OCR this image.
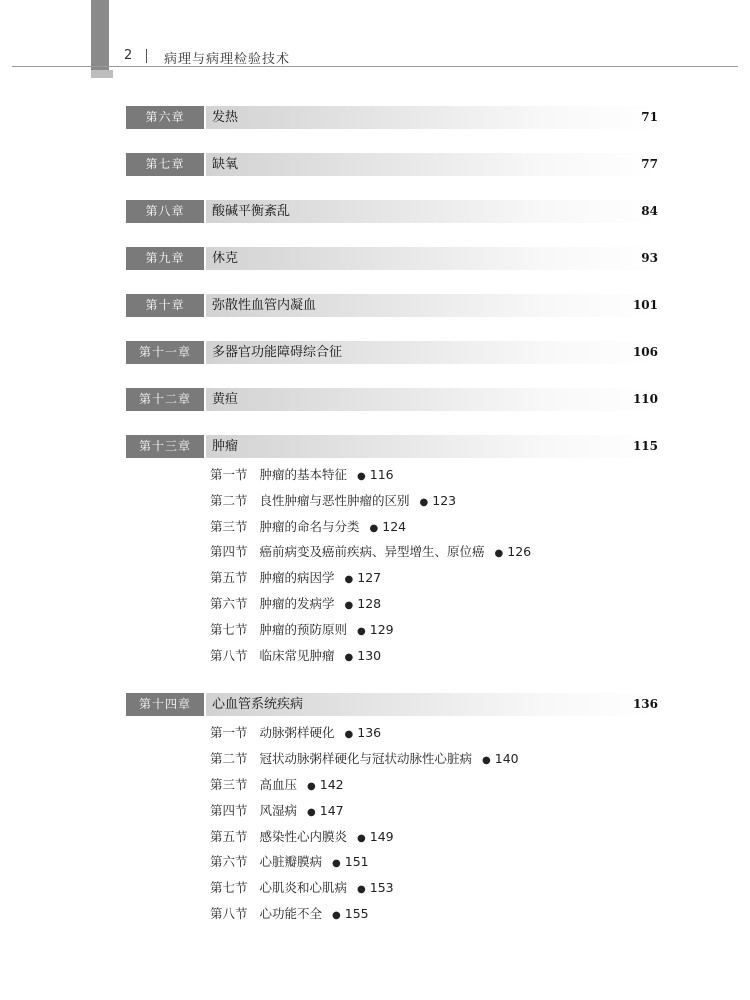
2 病理与病理检验技术
第六章	发热	71
第七章	缺氧	77
第八章	酸碱平衡紊乱	84
第九章	休克	93
第十章	弥散性血管内凝血	101
第十一章	多器官功能障碍综合征	106
第十二章	黄疸	110
第十三章	肿瘤	115
第一节 肿瘤的基本特征 ● 116
第二节 良性肿瘤与恶性肿瘤的区别 ● 123
第三节 肿瘤的命名与分类 ● 124
第四节 癌前病变及癌前疾病、异型增生、原位癌 ● 126
第五节 肿瘤的病因学 ● 127
第六节 肿瘤的发病学 ● 128
第七节 肿瘤的预防原则 ● 129
第八节 临床常见肿瘤 ● 130
第十四章	心血管系统疾病	136
第一节 动脉粥样硬化 ● 136
第二节 冠状动脉粥样硬化与冠状动脉性心脏病 ● 140
第三节 高血压 ● 142
第四节 风湿病 ● 147
第五节 感染性心内膜炎 ● 149
第六节 心脏瓣膜病 ● 151
第七节 心肌炎和心肌病 ● 153
第八节 心功能不全 ● 155
